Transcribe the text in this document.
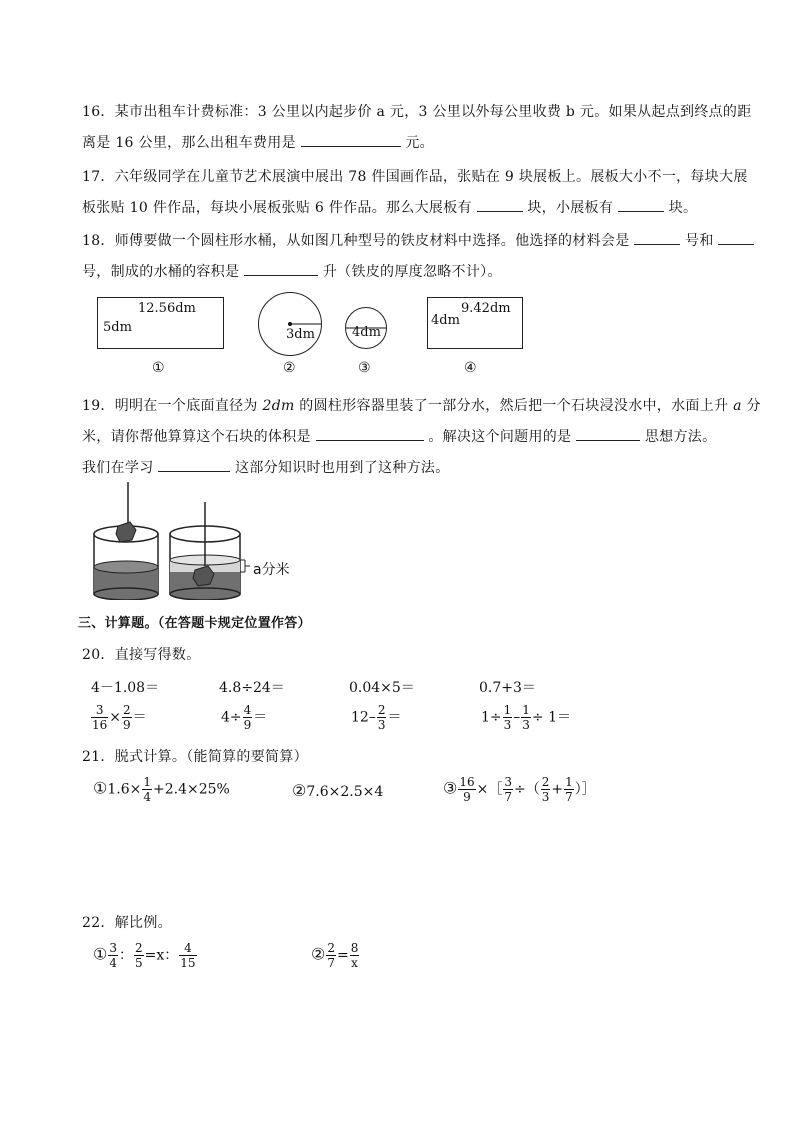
16．某市出租车计费标准：3 公里以内起步价 a 元，3 公里以外每公里收费 b 元。如果从起点到终点的距
离是 16 公里，那么出租车费用是	元。
17．六年级同学在儿童节艺术展演中展出 78 件国画作品，张贴在 9 块展板上。展板大小不一，每块大展
板张贴 10 件作品，每块小展板张贴 6 件作品。那么大展板有	块，小展板有	块。
18．师傅要做一个圆柱形水桶，从如图几种型号的铁皮材料中选择。他选择的材料会是	号和
号，制成的水桶的容积是	升（铁皮的厚度忽略不计）。
12.56dm
5dm
①
3dm
②
4dm
③
9.42dm
4dm
④
19．明明在一个底面直径为 2dm 的圆柱形容器里装了一部分水，然后把一个石块浸没水中，水面上升 a 分
米，请你帮他算算这个石块的体积是	。解决这个问题用的是	思想方法。
我们在学习	这部分知识时也用到了这种方法。
a分米
三、计算题。（在答题卡规定位置作答）
20．直接写得数。
4－1.08＝	4.8÷24＝	0.04×5＝	0.7+3＝
$\frac{3}{16} \times \frac{2}{9}$ ＝	$4\div \frac{4}{9}$ ＝	$12- \frac{2}{3}$ ＝	$1\div \frac{1}{3} - \frac{1}{3} \div 1=$
21．脱式计算。（能简算的要简算）
①1.6× $\frac{1}{4} +2.4\times 25\%$	②7.6×2.5×4	③ $\frac{16}{9}$ ×［ $\frac{3}{7}$ ÷（ $\frac{2}{3} + \frac{1}{7}$ ）］
22．解比例。
① $\frac{3}{4}$ ： $\frac{2}{5} =x$： $\frac{4}{15}$	② $\frac{2}{7} = \frac{8}{x}$
